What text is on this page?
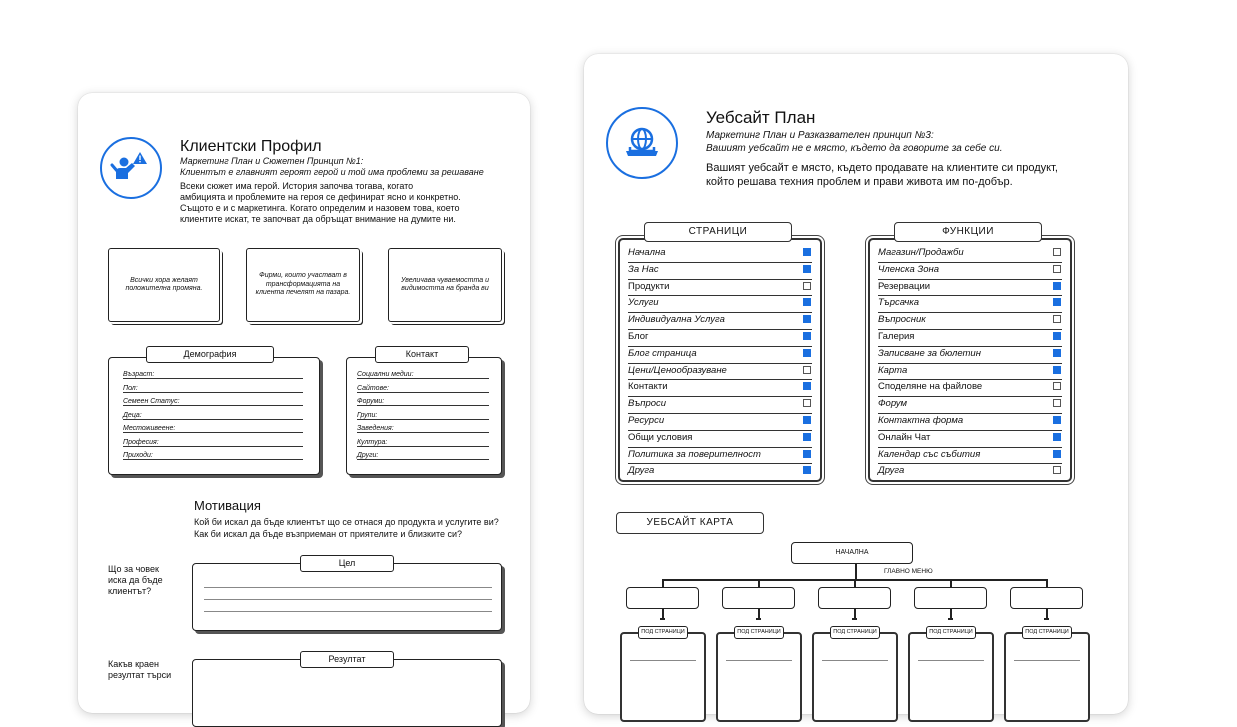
Клиентски Профил
Маркетинг План и Сюжетен Принцип №1:
Клиентът е главният героят герой и той има проблеми за решаване
Всеки сюжет има герой. История започва тогава, когато
амбицията и проблемите на героя се дефинират ясно и конкретно.
Същото е и с маркетинга. Когато определим и назовем това, което
клиентите искат, те започват да обръщат внимание на думите ни.
Всички хора желаят положителна промяна.
Фирми, които участват в трансформацията на клиента печелят на пазара.
Увеличава чуваемостта и видимостта на бранда ви
Демография
Възраст:
Пол:
Семеен Статус:
Деца:
Местоживеене:
Професия:
Приходи:
Контакт
Социални медии:
Сайтове:
Форуми:
Групи:
Заведения:
Култура:
Други:
Мотивация
Кой би искал да бъде клиентът що се отнася до продукта и услугите ви?
Как би искал да бъде възприеман от приятелите и близките си?
Що за човек
иска да бъде
клиентът?
Цел
Какъв краен
резултат търси
Резултат
Уебсайт План
Маркетинг План и Разказвателен принцип №3:
Вашият уебсайт не е място, където да говорите за себе си.
Вашият уебсайт е място, където продавате на клиентите си продукт,
който решава техния проблем и прави живота им по-добър.
Начална
За Нас
Продукти
Услуги
Индивидуална Услуга
Блог
Блог страница
Цени/Ценообразуване
Контакти
Въпроси
Ресурси
Общи условия
Политика за поверителност
Друга
СТРАНИЦИ
Магазин/Продажби
Членска Зона
Резервации
Търсачка
Въпросник
Галерия
Записване за бюлетин
Карта
Споделяне на файлове
Форум
Контактна форма
Онлайн Чат
Календар със събития
Друга
ФУНКЦИИ
УЕБСАЙТ КАРТА
НАЧАЛНА
ГЛАВНО МЕНЮ
ПОД СТРАНИЦИ	ПОД СТРАНИЦИ	ПОД СТРАНИЦИ	ПОД СТРАНИЦИ	ПОД СТРАНИЦИ
